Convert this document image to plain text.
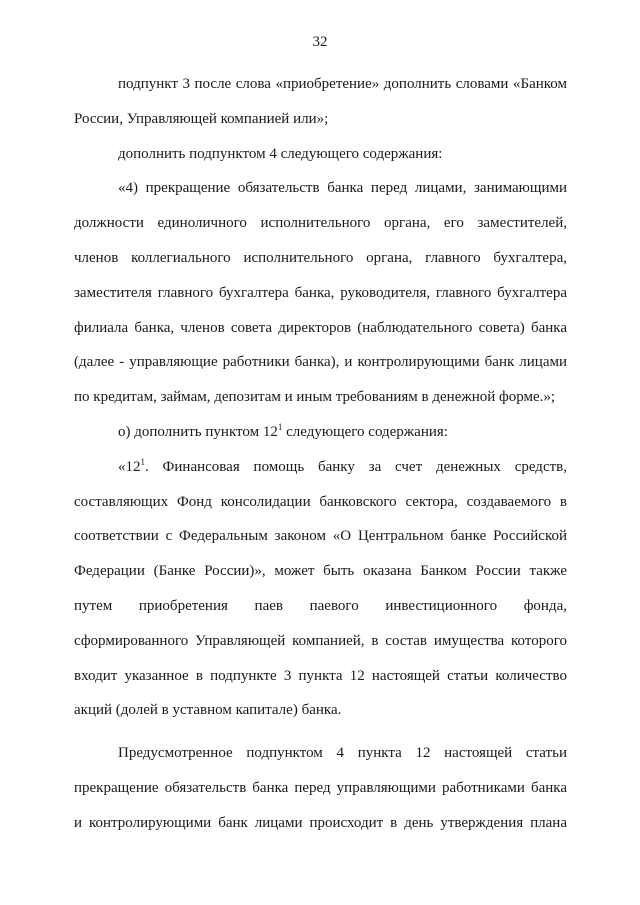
32
подпункт 3 после слова «приобретение» дополнить словами «Банком
России, Управляющей компанией или»;
дополнить подпунктом 4 следующего содержания:
«4) прекращение обязательств банка перед лицами, занимающими
должности единоличного исполнительного органа, его заместителей,
членов коллегиального исполнительного органа, главного бухгалтера,
заместителя главного бухгалтера банка, руководителя, главного бухгалтера
филиала банка, членов совета директоров (наблюдательного совета) банка
(далее - управляющие работники банка), и контролирующими банк лицами
по кредитам, займам, депозитам и иным требованиям в денежной форме.»;
о) дополнить пунктом $12^1$ следующего содержания:
«$12^1$. Финансовая помощь банку за счет денежных средств,
составляющих Фонд консолидации банковского сектора, создаваемого в
соответствии с Федеральным законом «О Центральном банке Российской
Федерации (Банке России)», может быть оказана Банком России также
путем приобретения паев паевого инвестиционного фонда,
сформированного Управляющей компанией, в состав имущества которого
входит указанное в подпункте 3 пункта 12 настоящей статьи количество
акций (долей в уставном капитале) банка.
Предусмотренное подпунктом 4 пункта 12 настоящей статьи
прекращение обязательств банка перед управляющими работниками банка
и контролирующими банк лицами происходит в день утверждения плана
